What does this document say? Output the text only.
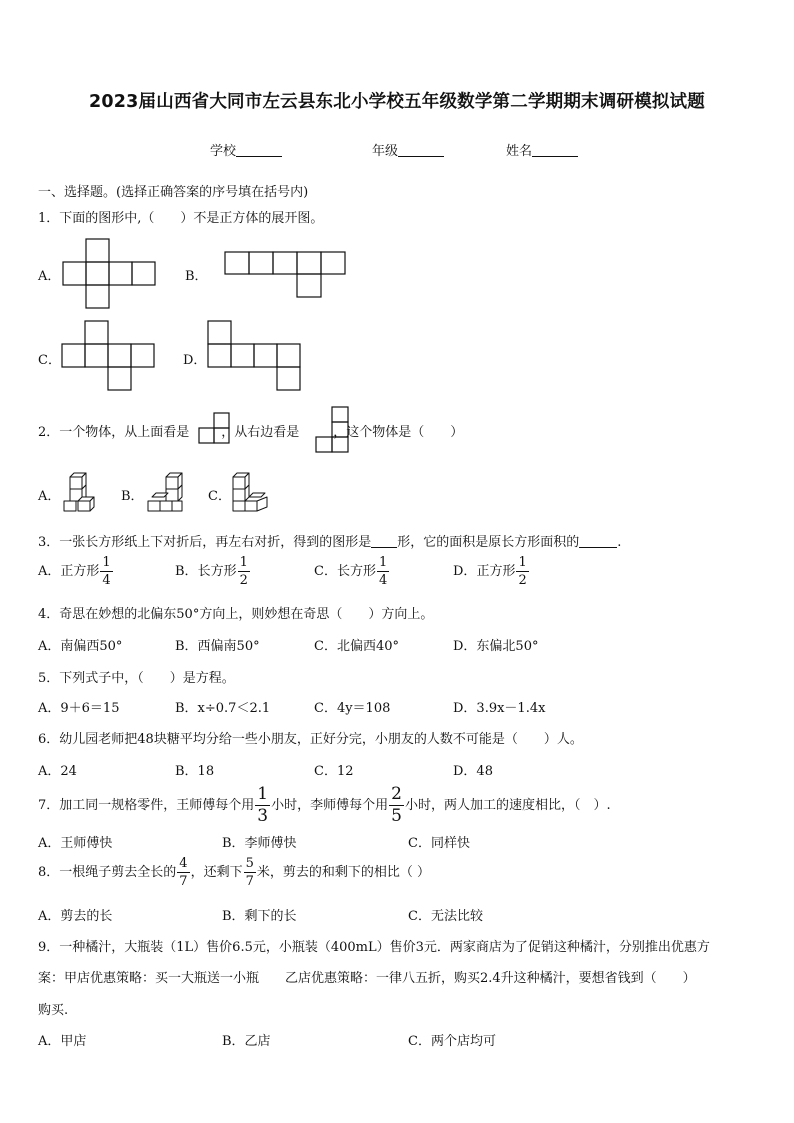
2023届山西省大同市左云县东北小学校五年级数学第二学期期末调研模拟试题
学校	年级	姓名
一、选择题。(选择正确答案的序号填在括号内)
1．下面的图形中,（　　）不是正方体的展开图。
A．	B．
C．	D．
2．一个物体，从上面看是 ，从右边看是	，这个物体是（　　）
A．	B．	C．
3．一张长方形纸上下对折后，再左右对折，得到的图形是 形，它的面积是原长方形面积的	.
A．正方形 $\frac{1}{4}$	B．长方形 $\frac{1}{2}$	C．长方形 $\frac{1}{4}$	D．正方形 $\frac{1}{2}$
4．奇思在妙想的北偏东50°方向上，则妙想在奇思（　　）方向上。
A．南偏西50°	B．西偏南50°	C．北偏西40°	D．东偏北50°
5．下列式子中，（　　）是方程。
A．9＋6＝15	B．x÷0.7＜2.1	C．4y＝108	D．3.9x－1.4x
6．幼儿园老师把48块糖平均分给一些小朋友，正好分完，小朋友的人数不可能是（　　）人。
A．24	B．18	C．12	D．48
7．加工同一规格零件，王师傅每个用 $\frac{1}{3}$ 小时，李师傅每个用 $\frac{2}{5}$ 小时，两人加工的速度相比，（　）.
A．王师傅快	B．李师傅快	C．同样快
8．一根绳子剪去全长的 $\frac{4}{7}$ ，还剩下 $\frac{5}{7}$ 米，剪去的和剩下的相比（ ）
A．剪去的长	B．剩下的长	C．无法比较
9．一种橘汁，大瓶装（1L）售价6.5元，小瓶装（400mL）售价3元．两家商店为了促销这种橘汁，分别推出优惠方
案：甲店优惠策略：买一大瓶送一小瓶　　乙店优惠策略：一律八五折，购买2.4升这种橘汁，要想省钱到（　　）
购买.
A．甲店	B．乙店	C．两个店均可
